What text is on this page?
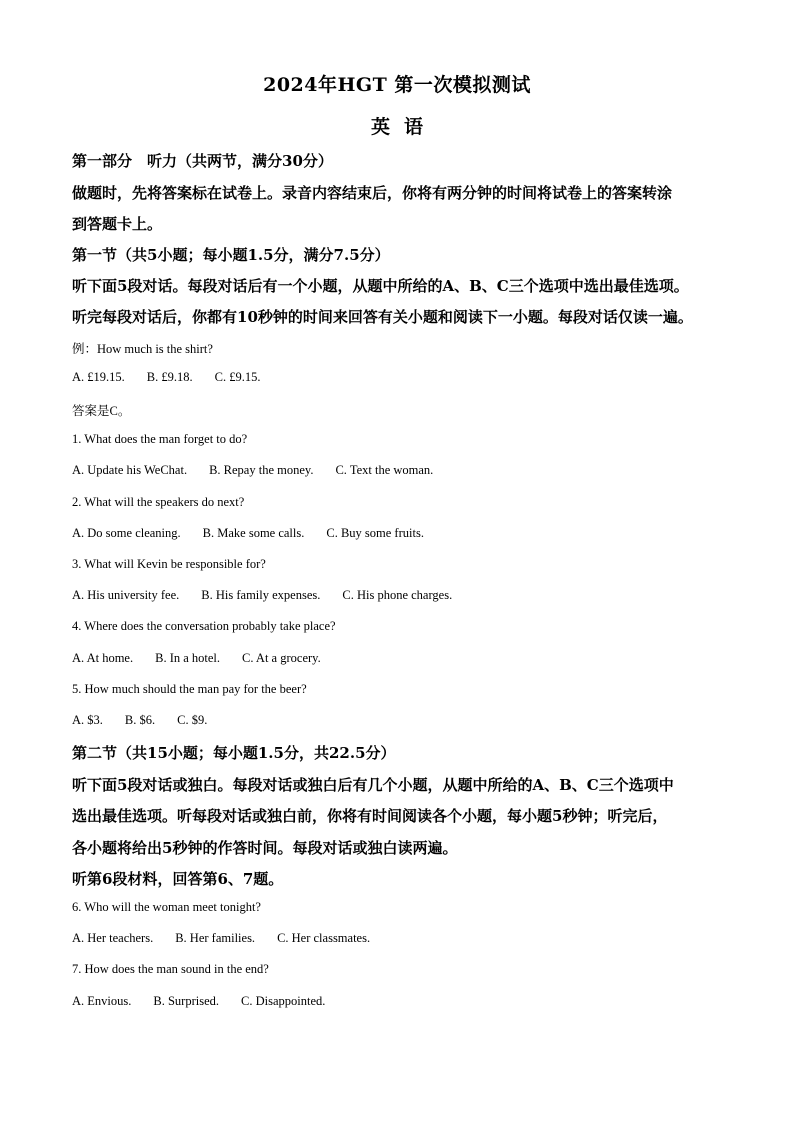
2024年HGT 第一次模拟测试
英语
第一部分　听力（共两节，满分30分）
做题时，先将答案标在试卷上。录音内容结束后，你将有两分钟的时间将试卷上的答案转涂
到答题卡上。
第一节（共5小题；每小题1.5分，满分7.5分）
听下面5段对话。每段对话后有一个小题，从题中所给的A、B、C三个选项中选出最佳选项。
听完每段对话后，你都有10秒钟的时间来回答有关小题和阅读下一小题。每段对话仅读一遍。
例：How much is the shirt?
A. £19.15. B. £9.18. C. £9.15.
答案是C。
1. What does the man forget to do?
A. Update his WeChat. B. Repay the money. C. Text the woman.
2. What will the speakers do next?
A. Do some cleaning. B. Make some calls. C. Buy some fruits.
3. What will Kevin be responsible for?
A. His university fee. B. His family expenses. C. His phone charges.
4. Where does the conversation probably take place?
A. At home. B. In a hotel. C. At a grocery.
5. How much should the man pay for the beer?
A. $3. B. $6. C. $9.
第二节（共15小题；每小题1.5分，共22.5分）
听下面5段对话或独白。每段对话或独白后有几个小题，从题中所给的A、B、C三个选项中
选出最佳选项。听每段对话或独白前，你将有时间阅读各个小题，每小题5秒钟；听完后，
各小题将给出5秒钟的作答时间。每段对话或独白读两遍。
听第6段材料，回答第6、7题。
6. Who will the woman meet tonight?
A. Her teachers. B. Her families. C. Her classmates.
7. How does the man sound in the end?
A. Envious. B. Surprised. C. Disappointed.
